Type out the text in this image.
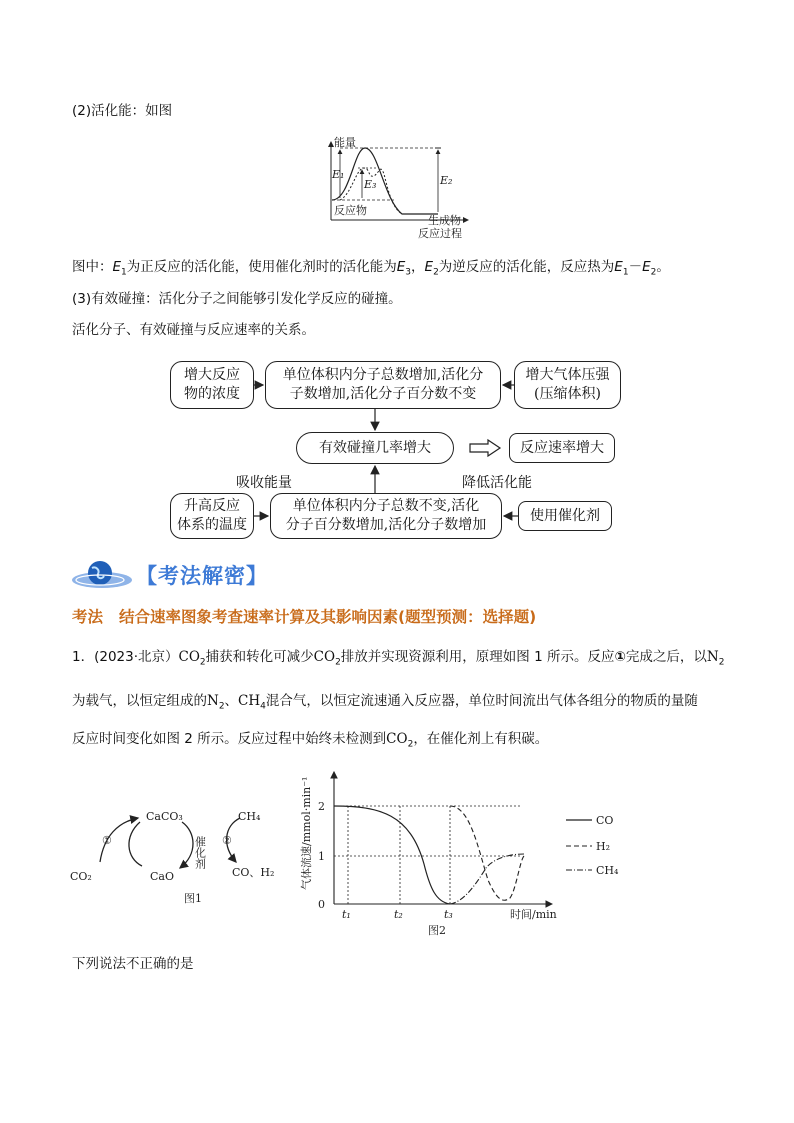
(2)活化能：如图
能量
E₁
E₃	E₂
反应物
生成物
反应过程
图中：$E_1$为正反应的活化能，使用催化剂时的活化能为$E_3$，$E_2$为逆反应的活化能，反应热为$E_1-E_2$。
(3)有效碰撞：活化分子之间能够引发化学反应的碰撞。
活化分子、有效碰撞与反应速率的关系。
增大反应
物的浓度
单位体积内分子总数增加,活化分
子数增加,活化分子百分数不变
增大气体压强
(压缩体积)
有效碰撞几率增大	反应速率增大
吸收能量	降低活化能
升高反应
体系的温度
单位体积内分子总数不变,活化
分子百分数增加,活化分子数增加
使用催化剂
【考法解密】
考法 结合速率图象考查速率计算及其影响因素(题型预测：选择题)
1．(2023·北京）$CO_2$捕获和转化可减少$CO_2$排放并实现资源利用，原理如图 1 所示。反应①完成之后，以$N_2$
为载气，以恒定组成的$N_2$、$CH_4$混合气，以恒定流速通入反应器，单位时间流出气体各组分的物质的量随
反应时间变化如图 2 所示。反应过程中始终未检测到$CO_2$，在催化剂上有积碳。
CaCO₃	CH₄
催化剂
①	②
CO₂	CaO	CO、H₂
图1
2
1
0
t₁	t₂	t₃	时间/min
气体流速/mmol·min⁻¹
图2
CO
H₂
CH₄
下列说法不正确的是
